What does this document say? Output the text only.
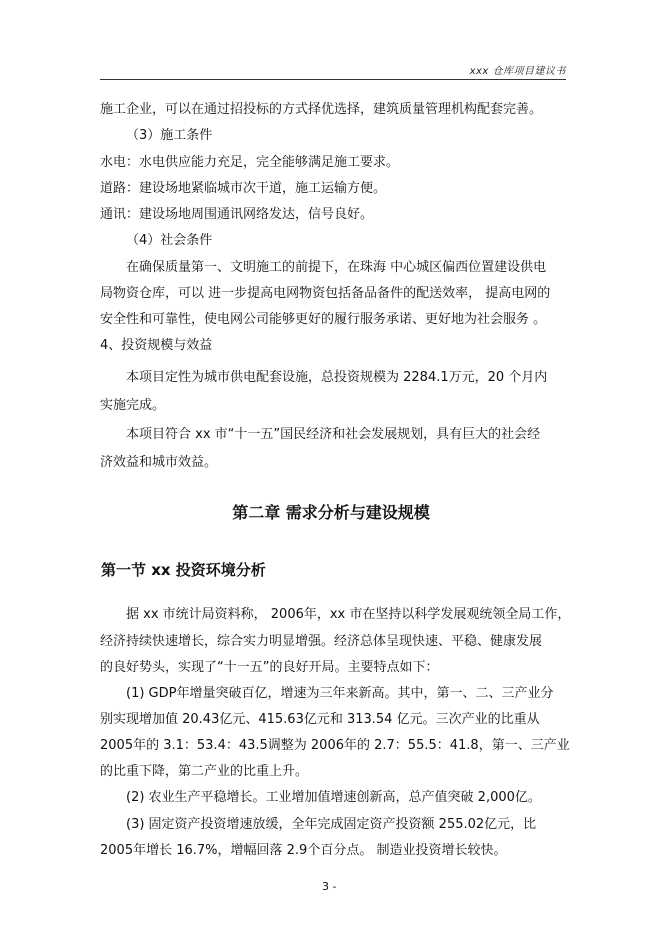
xxx 仓库项目建议书
施工企业，可以在通过招投标的方式择优选择，建筑质量管理机构配套完善。
（3）施工条件
水电：水电供应能力充足，完全能够满足施工要求。
道路：建设场地紧临城市次干道，施工运输方便。
通讯：建设场地周围通讯网络发达，信号良好。
（4）社会条件
在确保质量第一、文明施工的前提下，在珠海 中心城区偏西位置建设供电
局物资仓库，可以 进一步提高电网物资包括备品备件的配送效率， 提高电网的
安全性和可靠性，使电网公司能够更好的履行服务承诺、更好地为社会服务 。
4、投资规模与效益
本项目定性为城市供电配套设施，总投资规模为 2284.1万元，20 个月内
实施完成。
本项目符合 xx 市“十一五”国民经济和社会发展规划，具有巨大的社会经
济效益和城市效益。
第二章 需求分析与建设规模
第一节 xx 投资环境分析
据 xx 市统计局资料称， 2006年，xx 市在坚持以科学发展观统领全局工作，
经济持续快速增长，综合实力明显增强。经济总体呈现快速、平稳、健康发展
的良好势头，实现了“十一五”的良好开局。主要特点如下：
(1) GDP年增量突破百亿，增速为三年来新高。其中，第一、二、三产业分
别实现增加值 20.43亿元、415.63亿元和 313.54 亿元。三次产业的比重从
2005年的 3.1：53.4：43.5调整为 2006年的 2.7：55.5：41.8，第一、三产业
的比重下降，第二产业的比重上升。
(2) 农业生产平稳增长。工业增加值增速创新高，总产值突破 2,000亿。
(3) 固定资产投资增速放缓，全年完成固定资产投资额 255.02亿元，比
2005年增长 16.7%，增幅回落 2.9个百分点。 制造业投资增长较快。
3 -
